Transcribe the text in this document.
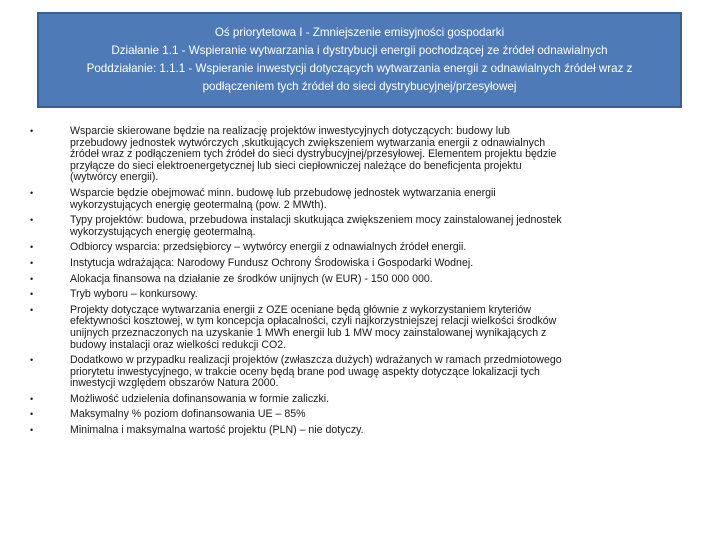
Oś priorytetowa I - Zmniejszenie emisyjności gospodarki
Działanie 1.1 - Wspieranie wytwarzania i dystrybucji energii pochodzącej ze źródeł odnawialnych
Poddziałanie: 1.1.1 - Wspieranie inwestycji dotyczących wytwarzania energii z odnawialnych źródeł wraz z
podłączeniem tych źródeł do sieci dystrybucyjnej/przesyłowej
•	Wsparcie skierowane będzie na realizację projektów inwestycyjnych dotyczących: budowy lub
przebudowy jednostek wytwórczych ,skutkujących zwiększeniem wytwarzania energii z odnawialnych
źródeł wraz z podłączeniem tych źródeł do sieci dystrybucyjnej/przesyłowej. Elementem projektu będzie
przyłącze do sieci elektroenergetycznej lub sieci ciepłowniczej należące do beneficjenta projektu
(wytwórcy energii).
•	Wsparcie będzie obejmować minn. budowę lub przebudowę jednostek wytwarzania energii
wykorzystujących energię geotermalną (pow. 2 MWth).
•	Typy projektów: budowa, przebudowa instalacji skutkująca zwiększeniem mocy zainstalowanej jednostek
wykorzystujących energię geotermalną.
•	Odbiorcy wsparcia: przedsiębiorcy – wytwórcy energii z odnawialnych źródeł energii.
•	Instytucja wdrażająca: Narodowy Fundusz Ochrony Środowiska i Gospodarki Wodnej.
•	Alokacja finansowa na działanie ze środków unijnych (w EUR) - 150 000 000.
•	Tryb wyboru – konkursowy.
•	Projekty dotyczące wytwarzania energii z OZE oceniane będą głównie z wykorzystaniem kryteriów
efektywności kosztowej, w tym koncepcja opłacalności, czyli najkorzystniejszej relacji wielkości środków
unijnych przeznaczonych na uzyskanie 1 MWh energii lub 1 MW mocy zainstalowanej wynikających z
budowy instalacji oraz wielkości redukcji CO2.
•	Dodatkowo w przypadku realizacji projektów (zwłaszcza dużych) wdrażanych w ramach przedmiotowego
priorytetu inwestycyjnego, w trakcie oceny będą brane pod uwagę aspekty dotyczące lokalizacji tych
inwestycji względem obszarów Natura 2000.
•	Możliwość udzielenia dofinansowania w formie zaliczki.
•	Maksymalny % poziom dofinansowania UE – 85%
•	Minimalna i maksymalna wartość projektu (PLN) – nie dotyczy.
